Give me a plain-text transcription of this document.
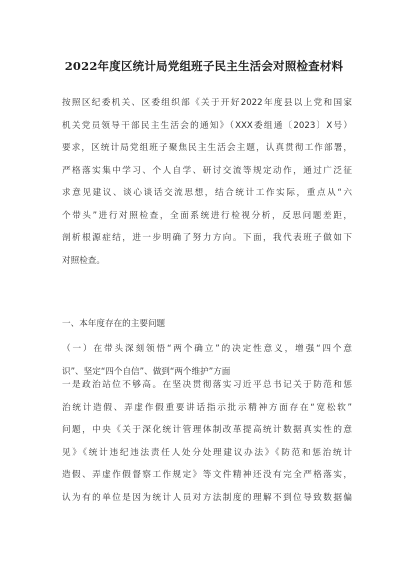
2022年度区统计局党组班子民主生活会对照检查材料
按照区纪委机关、区委组织部《关于开好2022年度县以上党和国家
机关党员领导干部民主生活会的通知》（XXX委组通〔2023〕X号）
要求，区统计局党组班子聚焦民主生活会主题，认真贯彻工作部署，
严格落实集中学习、个人自学、研讨交流等规定动作，通过广泛征
求意见建议、谈心谈话交流思想，结合统计工作实际，重点从“六
个带头”进行对照检查，全面系统进行检视分析，反思问题差距，
剖析根源症结，进一步明确了努力方向。下面，我代表班子做如下
对照检查。
一、本年度存在的主要问题
（一）在带头深刻领悟“两个确立”的决定性意义，增强“四个意
识”、坚定“四个自信”、做到“两个维护”方面
一是政治站位不够高。在坚决贯彻落实习近平总书记关于防范和惩
治统计造假、弄虚作假重要讲话指示批示精神方面存在“宽松软”
问题，中央《关于深化统计管理体制改革提高统计数据真实性的意
见》《统计违纪违法责任人处分处理建议办法》《防范和惩治统计
造假、弄虚作假督察工作规定》等文件精神还没有完全严格落实，
认为有的单位是因为统计人员对方法制度的理解不到位导致数据偏
